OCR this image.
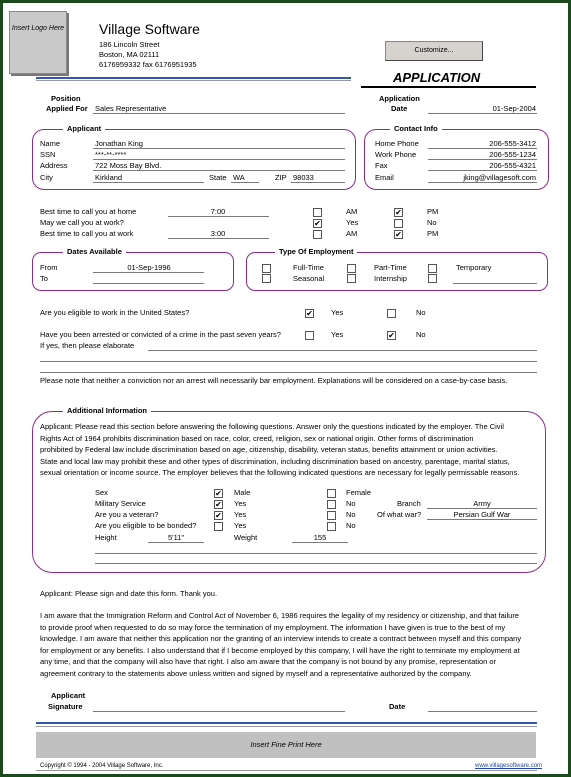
Insert Logo Here Village Software
186 Lincoln Street
Boston, MA 02111
6176959332 fax 6176951935
Customize...
APPLICATION
Position
Applied For Sales Representative
Application
Date	01-Sep-2004
Applicant
Name	Jonathan King
SSN	***-**-****
Address	722 Moss Bay Blvd.
City	Kirkland	State WA	ZIP 98033
Contact Info
Home Phone	206-555-3412
Work Phone	206-555-1234
Fax	206-555-4321
Email	jking@villagesoft.com
Best time to call you at home	7:00	AM	✔	PM
May we call you at work?	✔	Yes	No
Best time to call you at work	3:00	AM	✔	PM
Dates Available
From	01-Sep-1996
To
Type Of Employment
Full-Time	Part-Time	Temporary
Seasonal	Internship
Are you eligible to work in the United States?	✔ Yes	No
Have you been arrested or convicted of a crime in the past seven years?	Yes	✔	No
If yes, then please elaborate
Please note that neither a conviction nor an arrest will necessarily bar employment. Explanations will be considered on a case-by-case basis.
Additional Information
Applicant: Please read this section before answering the following questions. Answer only the questions indicated by the employer. The Civil
Rights Act of 1964 prohibits discrimination based on race, color, creed, religion, sex or national origin. Other forms of discrimination
prohibited by Federal law include discrimination based on age, citizenship, disability, veteran status, benefits attainment or union activities.
State and local law may prohibit these and other types of discrimination, including discrimination based on ancestry, parentage, marital status,
sexual orientation or income source. The employer believes that the following indicated questions are necessary for legally permissable reasons.
Sex	✔ Male	Female
Military Service	✔ Yes	No	Branch	Army
Are you a veteran?	✔ Yes	No	Of what war?	Persian Gulf War
Are you eligible to be bonded?	Yes	No
Height	5'11"	Weight	155
Applicant: Please sign and date this form. Thank you.
I am aware that the Immigration Reform and Control Act of November 6, 1986 requires the legality of my residency or citizenship, and that failure
to provide proof when requested to do so may force the termination of my employment. The information I have given is true to the best of my
knowledge. I am aware that neither this application nor the granting of an interview intends to create a contract between myself and this company
for employment or any benefits. I also understand that if I become employed by this company, I will have the right to terminate my employment at
any time, and that the company will also have that right. I also am aware that the company is not bound by any promise, representation or
agreement contrary to the statements above unless written and signed by myself and a representative authorized by the company.
Applicant
Signature	Date
Insert Fine Print Here
Copyright © 1994 - 2004 Village Software, Inc.	www.villagesoftware.com
